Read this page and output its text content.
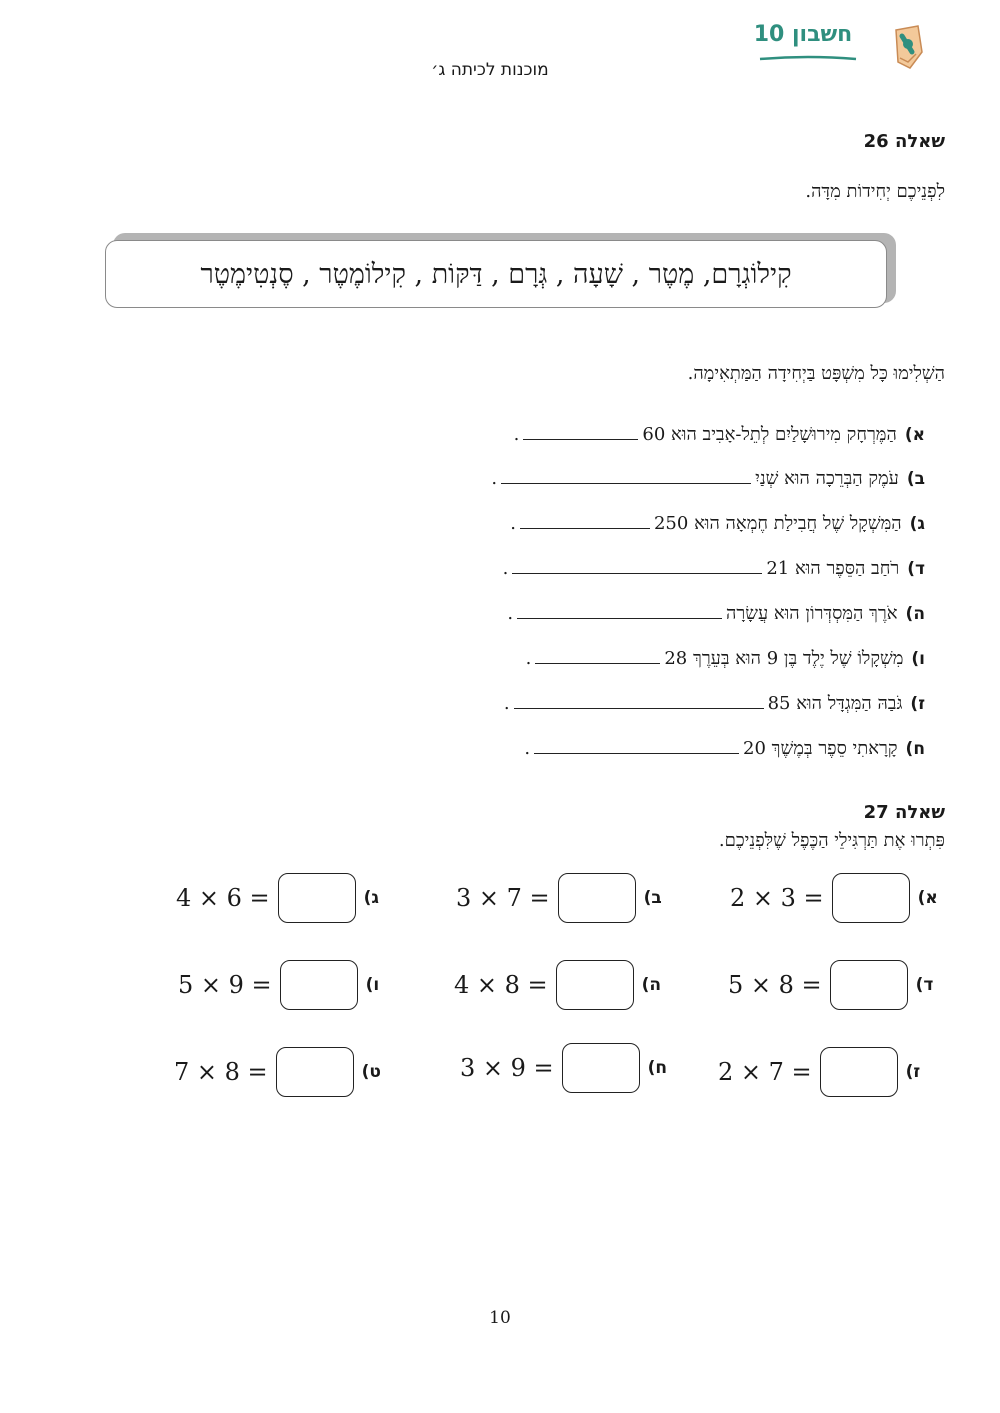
חשבון 10
מוכנות לכיתה ג׳
שאלה 26
לִפְנֵיכֶם יְחִידוֹת מִדָּה.
קִילוֹגְרָם, מֶטֶר , שָׁעָה , גְּרָם , דַּקּוֹת , קִילוֹמֶטֶר , סֶנְטִימֶטֶר
הַשְׁלִימוּ כָּל מִשְׁפָּט בַּיְחִידָה הַמַּתְאִימָה.
א)הַמֶּרְחָק מִירוּשָׁלַיִם לְתֵל-אָבִיב הוּא 60.
ב)עֹמֶק הַבְּרֵכָה הוּא שְׁנַיִ.
ג)הַמִּשְׁקָל שֶׁל חֲבִילַת חֶמְאָה הוּא 250.
ד)רֹחַב הַסֵּפֶר הוּא 21.
ה)אֹרֶךְ הַמִּסְדְּרוֹן הוּא עֲשָׂרָה.
ו)מִשְׁקָלוֹ שֶׁל יֶלֶד בֶּן 9 הוּא בְּעֵרֶךְ 28.
ז)גֹּבַהּ הַמִּגְדָּל הוּא 85.
ח)קָרָאתִי סֵפֶר בְּמֶשֶׁךְ 20.
שאלה 27
פִּתְרוּ אֶת תַּרְגִּילֵי הַכֶּפֶל שֶׁלִּפְנֵיכֶם.
2 × 3 =	א)
3 × 7 =	ב)
4 × 6 =	ג)
5 × 8 =	ד)
4 × 8 =	ה)
5 × 9 =	ו)
2 × 7 =	ז)
3 × 9 =	ח)
7 × 8 =	ט)
10
